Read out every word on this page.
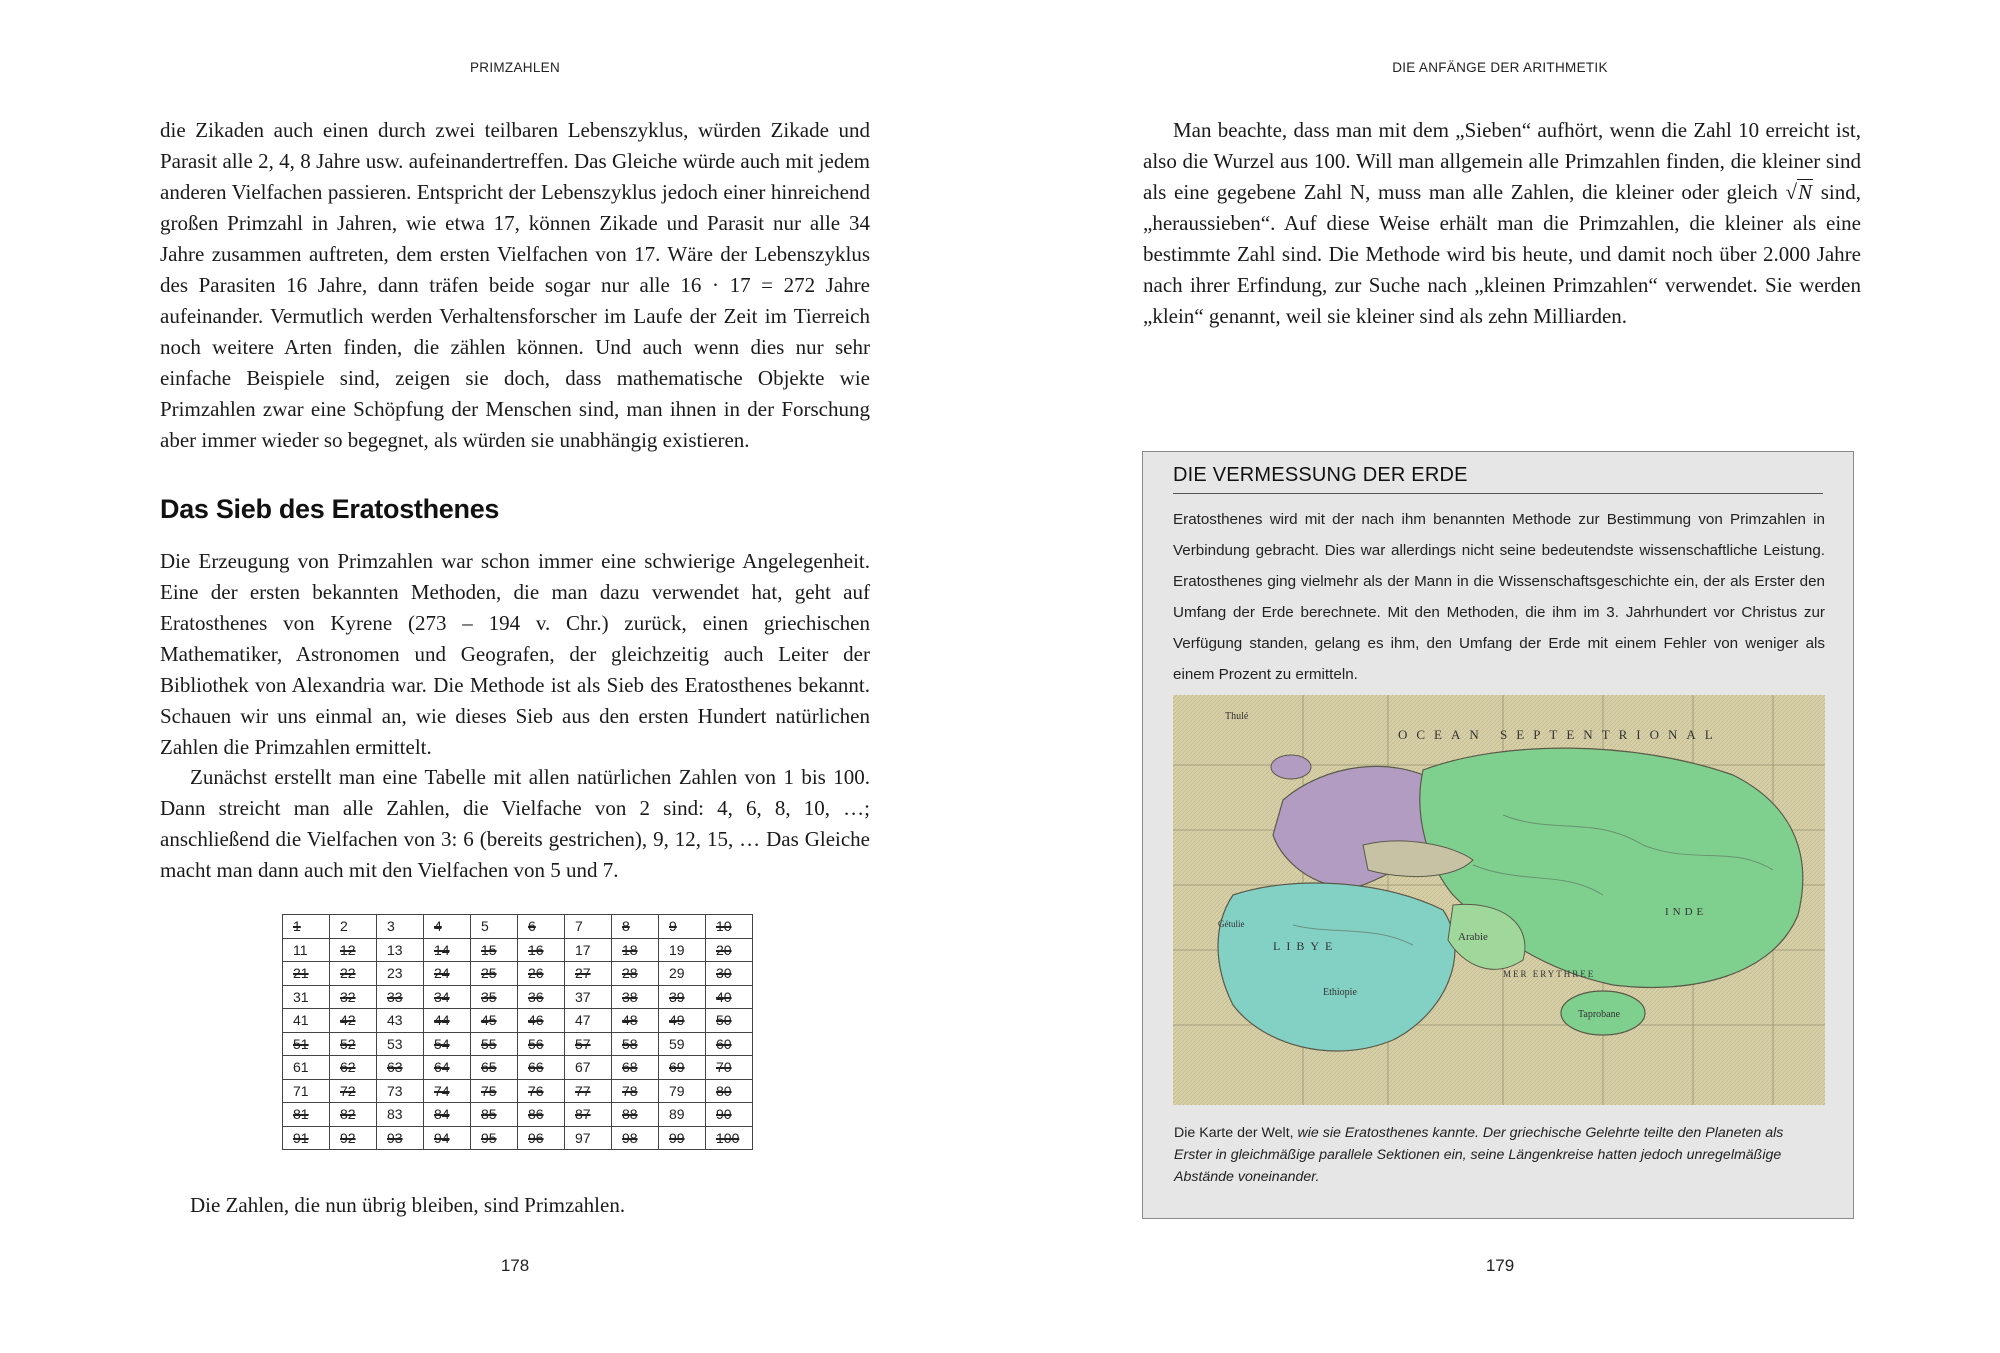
PRIMZAHLEN

die Zikaden auch einen durch zwei teilbaren Lebenszyklus, würden Zikade und Parasit alle 2, 4, 8 Jahre usw. aufeinandertreffen. Das Gleiche würde auch mit jedem anderen Vielfachen passieren. Entspricht der Lebenszyklus jedoch einer hinreichend großen Primzahl in Jahren, wie etwa 17, können Zikade und Parasit nur alle 34 Jahre zusammen auftreten, dem ersten Vielfachen von 17. Wäre der Lebenszyklus des Parasiten 16 Jahre, dann träfen beide sogar nur alle 16 · 17 = 272 Jahre aufeinander. Vermutlich werden Verhaltensforscher im Laufe der Zeit im Tierreich noch weitere Arten finden, die zählen können. Und auch wenn dies nur sehr einfache Beispiele sind, zeigen sie doch, dass mathematische Objekte wie Primzahlen zwar eine Schöpfung der Menschen sind, man ihnen in der Forschung aber immer wieder so begegnet, als würden sie unabhängig existieren.

Das Sieb des Eratosthenes

Die Erzeugung von Primzahlen war schon immer eine schwierige Angelegenheit. Eine der ersten bekannten Methoden, die man dazu verwendet hat, geht auf Eratosthenes von Kyrene (273 – 194 v. Chr.) zurück, einen griechischen Mathematiker, Astronomen und Geografen, der gleichzeitig auch Leiter der Bibliothek von Alexandria war. Die Methode ist als Sieb des Eratosthenes bekannt. Schauen wir uns einmal an, wie dieses Sieb aus den ersten Hundert natürlichen Zahlen die Primzahlen ermittelt.

Zunächst erstellt man eine Tabelle mit allen natürlichen Zahlen von 1 bis 100. Dann streicht man alle Zahlen, die Vielfache von 2 sind: 4, 6, 8, 10, …; anschließend die Vielfachen von 3: 6 (bereits gestrichen), 9, 12, 15, … Das Gleiche macht man dann auch mit den Vielfachen von 5 und 7.

1	2	3	4	5	6	7	8	9	10
11	12	13	14	15	16	17	18	19	20
21	22	23	24	25	26	27	28	29	30
31	32	33	34	35	36	37	38	39	40
41	42	43	44	45	46	47	48	49	50
51	52	53	54	55	56	57	58	59	60
61	62	63	64	65	66	67	68	69	70
71	72	73	74	75	76	77	78	79	80
81	82	83	84	85	86	87	88	89	90
91	92	93	94	95	96	97	98	99	100
Die Zahlen, die nun übrig bleiben, sind Primzahlen.
178
DIE ANFÄNGE DER ARITHMETIK

Man beachte, dass man mit dem „Sieben“ aufhört, wenn die Zahl 10 erreicht ist, also die Wurzel aus 100. Will man allgemein alle Primzahlen finden, die kleiner sind als eine gegebene Zahl N, muss man alle Zahlen, die kleiner oder gleich √N sind, „heraussieben“. Auf diese Weise erhält man die Primzahlen, die kleiner als eine bestimmte Zahl sind. Die Methode wird bis heute, und damit noch über 2.000 Jahre nach ihrer Erfindung, zur Suche nach „kleinen Primzahlen“ verwendet. Sie werden „klein“ genannt, weil sie kleiner sind als zehn Milliarden.

DIE VERMESSUNG DER ERDE
Eratosthenes wird mit der nach ihm benannten Methode zur Bestimmung von Primzahlen in Verbindung gebracht. Dies war allerdings nicht seine bedeutendste wissenschaftliche Leistung. Eratosthenes ging vielmehr als der Mann in die Wissenschaftsgeschichte ein, der als Erster den Umfang der Erde berechnete. Mit den Methoden, die ihm im 3. Jahrhundert vor Christus zur Verfügung standen, gelang es ihm, den Umfang der Erde mit einem Fehler von weniger als einem Prozent zu ermitteln.
OCEAN SEPTENTRIONAL
Thulé
INDE
Arabie
Ethiopie
Taprobane
LIBYE
MER ERYTHREE
Gétulie
Die Karte der Welt, wie sie Eratosthenes kannte. Der griechische Gelehrte teilte den Planeten als Erster in gleichmäßige parallele Sektionen ein, seine Längenkreise hatten jedoch unregelmäßige Abstände voneinander.
179
